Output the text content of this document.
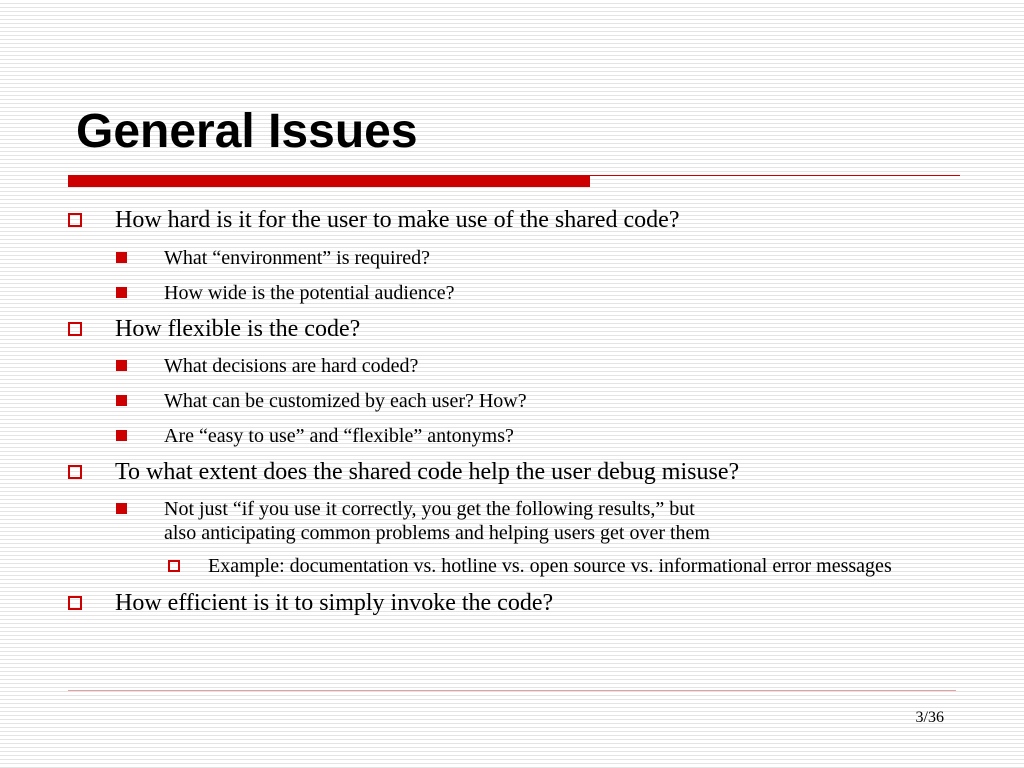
General Issues
How hard is it for the user to make use of the shared code?
What “environment” is required?
How wide is the potential audience?
How flexible is the code?
What decisions are hard coded?
What can be customized by each user? How?
Are “easy to use” and “flexible” antonyms?
To what extent does the shared code help the user debug misuse?
Not just “if you use it correctly, you get the following results,” but
also anticipating common problems and helping users get over them
Example: documentation vs. hotline vs. open source vs. informational error messages
How efficient is it to simply invoke the code?
3/36
